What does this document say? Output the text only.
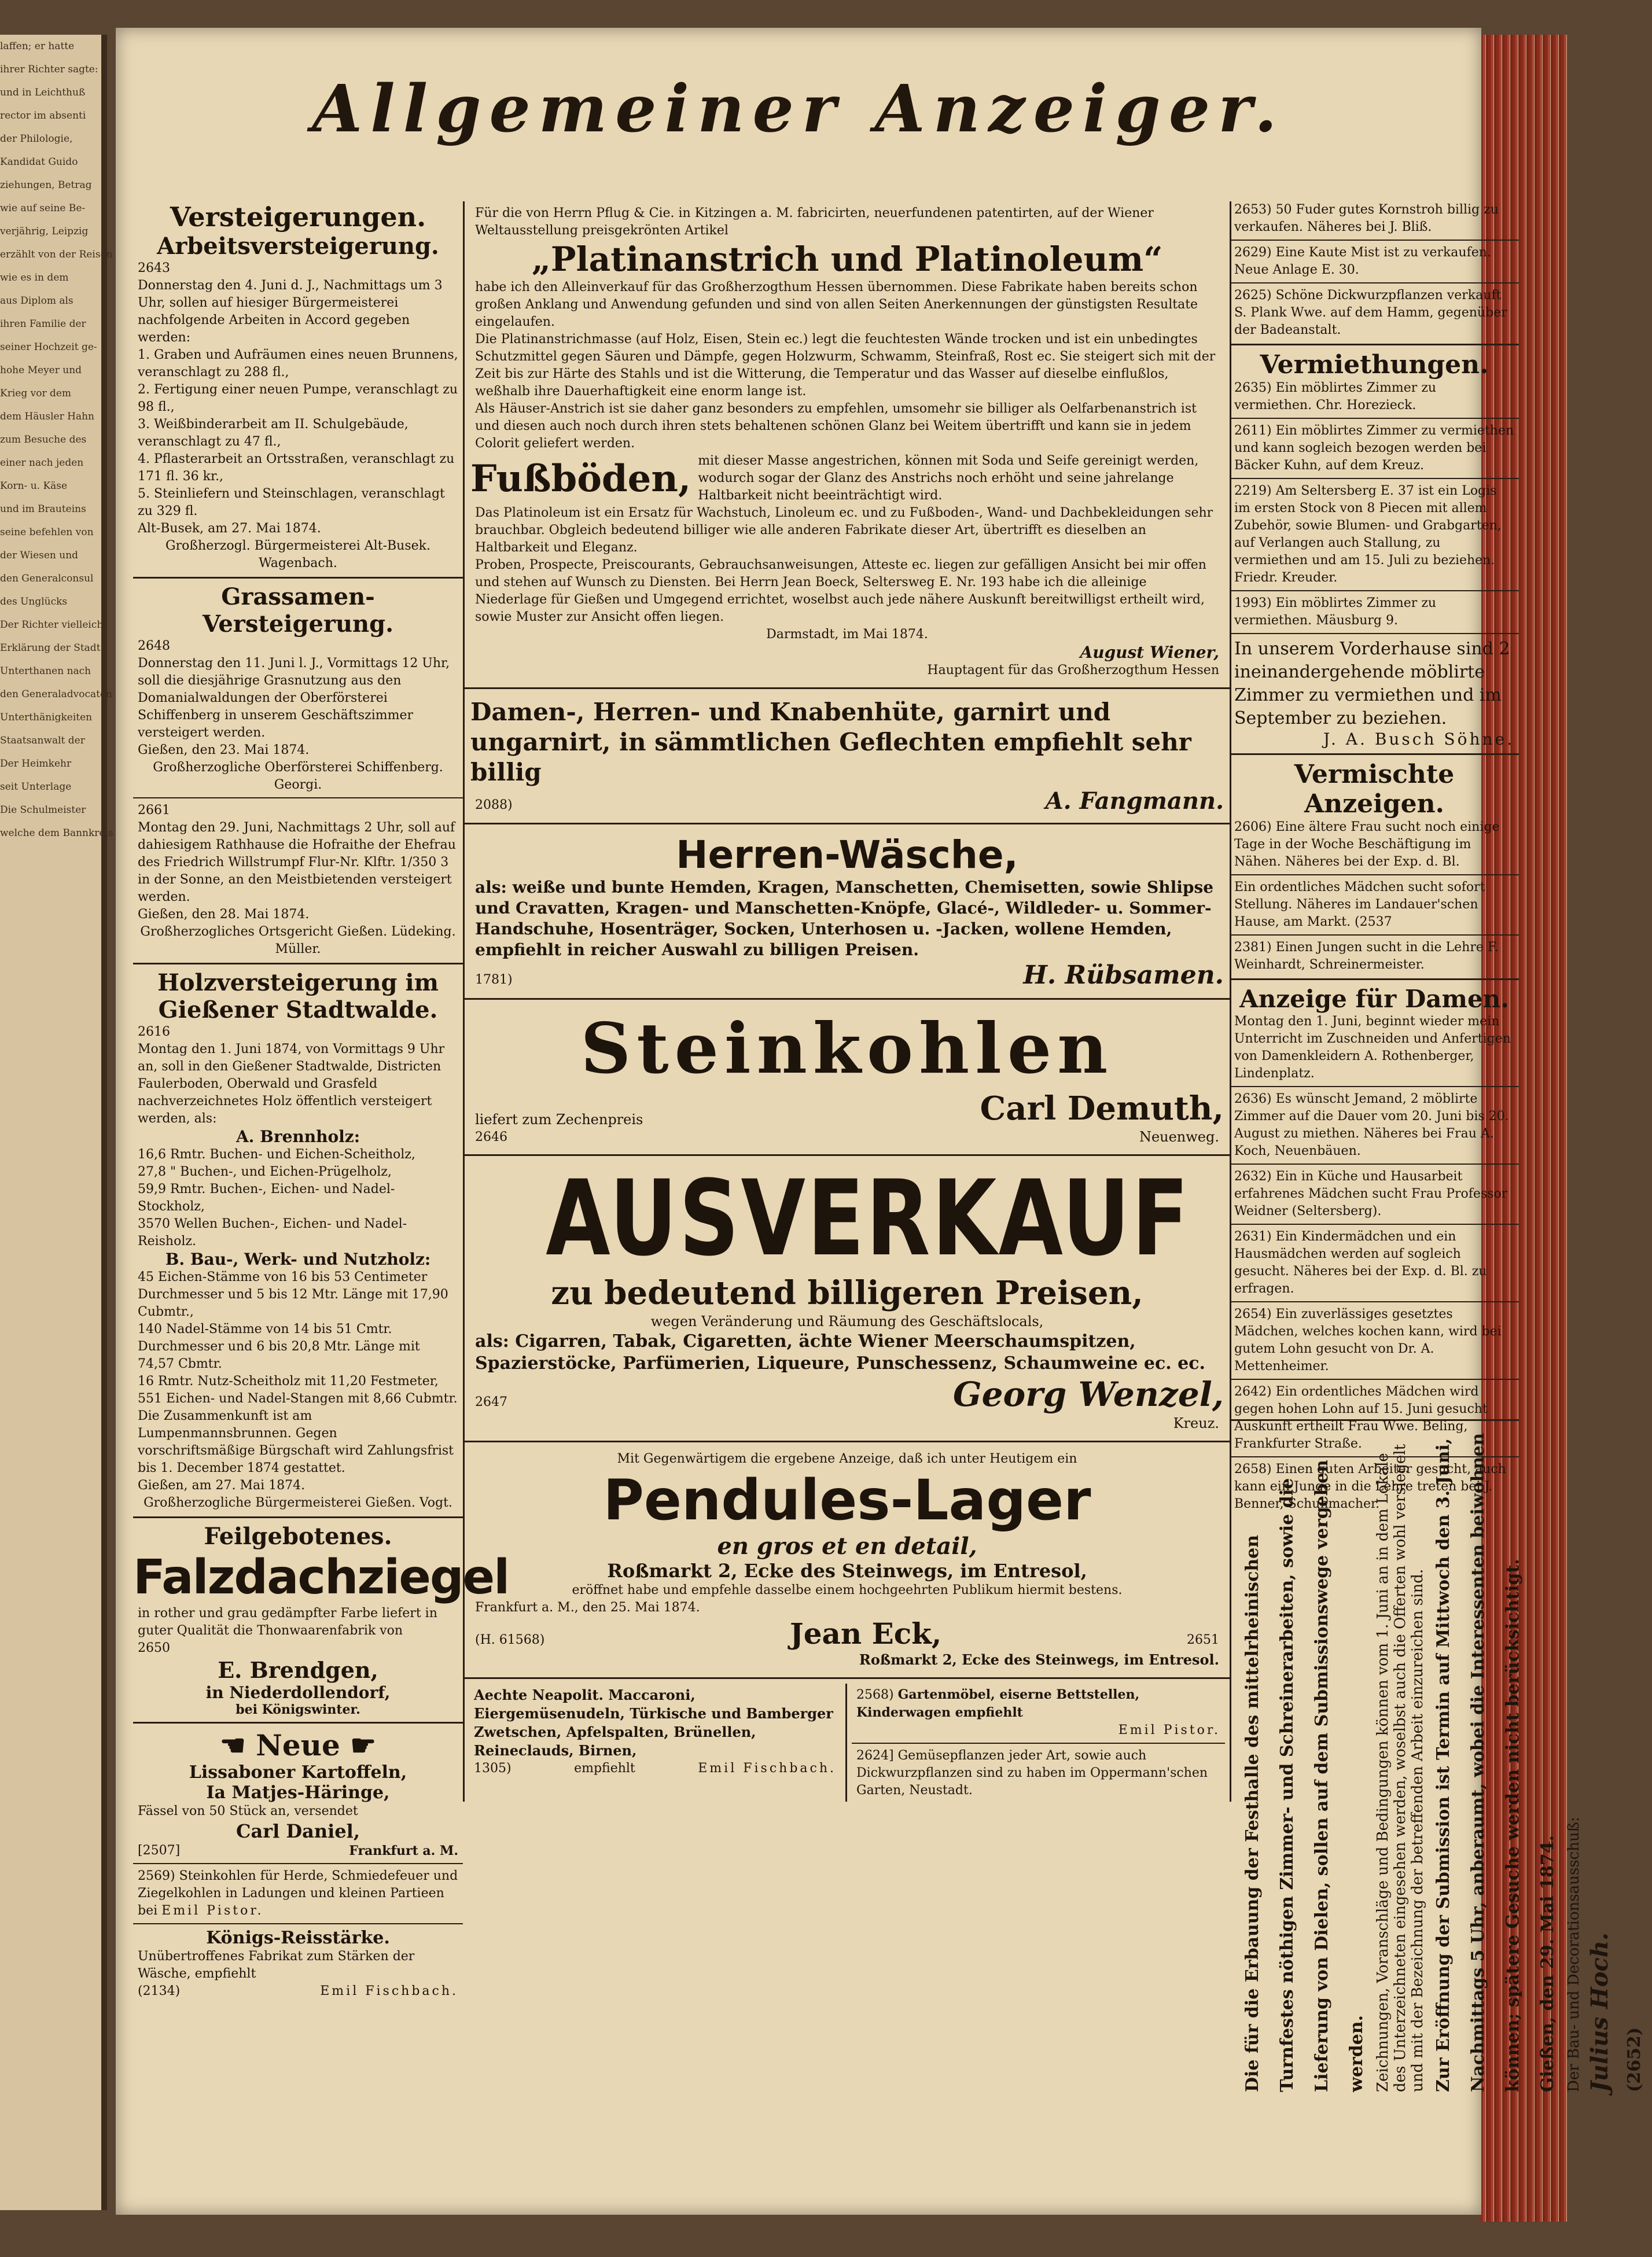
laffen; er hatte

ihrer Richter sagte:

und in Leichthuß

rector im absenti

der Philologie,

Kandidat Guido

ziehungen, Betrag

wie auf seine Be-

verjährig, Leipzig

erzählt von der Reisen

wie es in dem

aus Diplom als

ihren Familie der

seiner Hochzeit ge-

hohe Meyer und

Krieg vor dem

dem Häusler Hahn

zum Besuche des

einer nach jeden

Korn- u. Käse

und im Brauteins

seine befehlen von

der Wiesen und

den Generalconsul

des Unglücks

Der Richter vielleicht

Erklärung der Stadt

Unterthanen nach

den Generaladvocaten

Unterthänigkeiten

Staatsanwalt der

Der Heimkehr

seit Unterlage

Die Schulmeister

welche dem Bannkreis

Allgemeiner Anzeiger.
Versteigerungen.
Arbeitsversteigerung.
2643

Donnerstag den 4. Juni d. J., Nachmittags um 3 Uhr, sollen auf hiesiger Bürgermeisterei nachfolgende Arbeiten in Accord gegeben werden:

1. Graben und Aufräumen eines neuen Brunnens, veranschlagt zu 288 fl.,

2. Fertigung einer neuen Pumpe, veranschlagt zu 98 fl.,

3. Weißbinderarbeit am II. Schulgebäude, veranschlagt zu 47 fl.,

4. Pflasterarbeit an Ortsstraßen, veranschlagt zu 171 fl. 36 kr.,

5. Steinliefern und Steinschlagen, veranschlagt zu 329 fl.

Alt-Busek, am 27. Mai 1874.

Großherzogl. Bürgermeisterei Alt-Busek. Wagenbach.

Grassamen-Versteigerung.
2648

Donnerstag den 11. Juni l. J., Vormittags 12 Uhr, soll die diesjährige Grasnutzung aus den Domanialwaldungen der Oberförsterei Schiffenberg in unserem Geschäftszimmer versteigert werden.

Gießen, den 23. Mai 1874.

Großherzogliche Oberförsterei Schiffenberg. Georgi.

2661

Montag den 29. Juni, Nachmittags 2 Uhr, soll auf dahiesigem Rathhause die Hofraithe der Ehefrau des Friedrich Willstrumpf Flur-Nr. Klftr. 1/350 3 in der Sonne, an den Meistbietenden versteigert werden.

Gießen, den 28. Mai 1874.

Großherzogliches Ortsgericht Gießen. Lüdeking. Müller.

Holzversteigerung im Gießener Stadtwalde.
2616

Montag den 1. Juni 1874, von Vormittags 9 Uhr an, soll in den Gießener Stadtwalde, Districten Faulerboden, Oberwald und Grasfeld nachverzeichnetes Holz öffentlich versteigert werden, als:

A. Brennholz:

16,6 Rmtr. Buchen- und Eichen-Scheitholz,

27,8 " Buchen-, und Eichen-Prügelholz,

59,9 Rmtr. Buchen-, Eichen- und Nadel-Stockholz,

3570 Wellen Buchen-, Eichen- und Nadel-Reisholz.

B. Bau-, Werk- und Nutzholz:

45 Eichen-Stämme von 16 bis 53 Centimeter Durchmesser und 5 bis 12 Mtr. Länge mit 17,90 Cubmtr.,

140 Nadel-Stämme von 14 bis 51 Cmtr. Durchmesser und 6 bis 20,8 Mtr. Länge mit 74,57 Cbmtr.

16 Rmtr. Nutz-Scheitholz mit 11,20 Festmeter,

551 Eichen- und Nadel-Stangen mit 8,66 Cubmtr.

Die Zusammenkunft ist am Lumpenmannsbrunnen. Gegen vorschriftsmäßige Bürgschaft wird Zahlungsfrist bis 1. December 1874 gestattet.

Gießen, am 27. Mai 1874.

Großherzogliche Bürgermeisterei Gießen. Vogt.

Feilgebotenes.
Falzdachziegel

in rother und grau gedämpfter Farbe liefert in guter Qualität die Thonwaarenfabrik von

2650
E. Brendgen,
in Niederdollendorf,
bei Königswinter.
☚ Neue ☛
Lissaboner Kartoffeln,
Ia Matjes-Häringe,

Fässel von 50 Stück an, versendet

Carl Daniel,
[2507]	Frankfurt a. M.

2569) Steinkohlen für Herde, Schmiedefeuer und Ziegelkohlen in Ladungen und kleinen Partieen bei Emil Pistor.

Königs-Reisstärke.

Unübertroffenes Fabrikat zum Stärken der Wäsche, empfiehlt

(2134)	Emil Fischbach.

Für die von Herrn Pflug & Cie. in Kitzingen a. M. fabricirten, neuerfundenen patentirten, auf der Wiener Weltausstellung preisgekrönten Artikel

„Platinanstrich und Platinoleum“

habe ich den Alleinverkauf für das Großherzogthum Hessen übernommen. Diese Fabrikate haben bereits schon großen Anklang und Anwendung gefunden und sind von allen Seiten Anerkennungen der günstigsten Resultate eingelaufen.

Die Platinanstrichmasse (auf Holz, Eisen, Stein ec.) legt die feuchtesten Wände trocken und ist ein unbedingtes Schutzmittel gegen Säuren und Dämpfe, gegen Holzwurm, Schwamm, Steinfraß, Rost ec. Sie steigert sich mit der Zeit bis zur Härte des Stahls und ist die Witterung, die Temperatur und das Wasser auf dieselbe einflußlos, weßhalb ihre Dauerhaftigkeit eine enorm lange ist.

Als Häuser-Anstrich ist sie daher ganz besonders zu empfehlen, umsomehr sie billiger als Oelfarbenanstrich ist und diesen auch noch durch ihren stets behaltenen schönen Glanz bei Weitem übertrifft und kann sie in jedem Colorit geliefert werden.

Fußböden, mit dieser Masse angestrichen, können mit Soda und Seife gereinigt werden, wodurch sogar der Glanz des Anstrichs noch erhöht und seine jahrelange Haltbarkeit nicht beeinträchtigt wird.

Das Platinoleum ist ein Ersatz für Wachstuch, Linoleum ec. und zu Fußboden-, Wand- und Dachbekleidungen sehr brauchbar. Obgleich bedeutend billiger wie alle anderen Fabrikate dieser Art, übertrifft es dieselben an Haltbarkeit und Eleganz.

Proben, Prospecte, Preiscourants, Gebrauchsanweisungen, Atteste ec. liegen zur gefälligen Ansicht bei mir offen und stehen auf Wunsch zu Diensten. Bei Herrn Jean Boeck, Seltersweg E. Nr. 193 habe ich die alleinige Niederlage für Gießen und Umgegend errichtet, woselbst auch jede nähere Auskunft bereitwilligst ertheilt wird, sowie Muster zur Ansicht offen liegen.

Darmstadt, im Mai 1874.

August Wiener,

Hauptagent für das Großherzogthum Hessen

Damen-, Herren- und Knabenhüte, garnirt und ungarnirt, in sämmtlichen Geflechten empfiehlt sehr billig
2088)	A. Fangmann.
Herren-Wäsche,

als: weiße und bunte Hemden, Kragen, Manschetten, Chemisetten, sowie Shlipse und Cravatten, Kragen- und Manschetten-Knöpfe, Glacé-, Wildleder- u. Sommer-Handschuhe, Hosenträger, Socken, Unterhosen u. -Jacken, wollene Hemden, empfiehlt in reicher Auswahl zu billigen Preisen.

1781)	H. Rübsamen.
Steinkohlen
liefert zum Zechenpreis
2646
Carl Demuth,
Neuenweg.
AUSVERKAUF
zu bedeutend billigeren Preisen,
wegen Veränderung und Räumung des Geschäftslocals,

als: Cigarren, Tabak, Cigaretten, ächte Wiener Meerschaumspitzen, Spazierstöcke, Parfümerien, Liqueure, Punschessenz, Schaumweine ec. ec.

2647	Georg Wenzel,
Kreuz.
Mit Gegenwärtigem die ergebene Anzeige, daß ich unter Heutigem ein
Pendules-Lager
en gros et en detail,
Roßmarkt 2, Ecke des Steinwegs, im Entresol,
eröffnet habe und empfehle dasselbe einem hochgeehrten Publikum hiermit bestens.
Frankfurt a. M., den 25. Mai 1874.
(H. 61568)	Jean Eck,	2651
Roßmarkt 2, Ecke des Steinwegs, im Entresol.

Aechte Neapolit. Maccaroni, Eiergemüsenudeln, Türkische und Bamberger Zwetschen, Apfelspalten, Brünellen, Reineclauds, Birnen,

1305)	empfiehlt	Emil Fischbach.

2568) Gartenmöbel, eiserne Bettstellen, Kinderwagen empfiehlt

Emil Pistor.

2624] Gemüsepflanzen jeder Art, sowie auch Dickwurzpflanzen sind zu haben im Oppermann'schen Garten, Neustadt.

2653) 50 Fuder gutes Kornstroh billig zu verkaufen. Näheres bei J. Bliß.

2629) Eine Kaute Mist ist zu verkaufen. Neue Anlage E. 30.

2625) Schöne Dickwurzpflanzen verkauft S. Plank Wwe. auf dem Hamm, gegenüber der Badeanstalt.

Vermiethungen.

2635) Ein möblirtes Zimmer zu vermiethen. Chr. Horezieck.

2611) Ein möblirtes Zimmer zu vermiethen und kann sogleich bezogen werden bei Bäcker Kuhn, auf dem Kreuz.

2219) Am Seltersberg E. 37 ist ein Logis im ersten Stock von 8 Piecen mit allem Zubehör, sowie Blumen- und Grabgarten, auf Verlangen auch Stallung, zu vermiethen und am 15. Juli zu beziehen. Friedr. Kreuder.

1993) Ein möblirtes Zimmer zu vermiethen. Mäusburg 9.

In unserem Vorderhause sind 2 ineinandergehende möblirte Zimmer zu vermiethen und im September zu beziehen.

J. A. Busch Söhne.

Vermischte Anzeigen.

2606) Eine ältere Frau sucht noch einige Tage in der Woche Beschäftigung im Nähen. Näheres bei der Exp. d. Bl.

Ein ordentliches Mädchen sucht sofort Stellung. Näheres im Landauer'schen Hause, am Markt. (2537

2381) Einen Jungen sucht in die Lehre F. Weinhardt, Schreinermeister.

Anzeige für Damen.

Montag den 1. Juni, beginnt wieder mein Unterricht im Zuschneiden und Anfertigen von Damenkleidern A. Rothenberger, Lindenplatz.

2636) Es wünscht Jemand, 2 möblirte Zimmer auf die Dauer vom 20. Juni bis 20. August zu miethen. Näheres bei Frau A. Koch, Neuenbäuen.

2632) Ein in Küche und Hausarbeit erfahrenes Mädchen sucht Frau Professor Weidner (Seltersberg).

2631) Ein Kindermädchen und ein Hausmädchen werden auf sogleich gesucht. Näheres bei der Exp. d. Bl. zu erfragen.

2654) Ein zuverlässiges gesetztes Mädchen, welches kochen kann, wird bei gutem Lohn gesucht von Dr. A. Mettenheimer.

2642) Ein ordentliches Mädchen wird gegen hohen Lohn auf 15. Juni gesucht Auskunft ertheilt Frau Wwe. Beling, Frankfurter Straße.

2658) Einen guten Arbeiter gesucht, auch kann ein Junge in die Lehre treten bei J. Benner, Schuhmacher.

Die für die Erbauung der Festhalle des mittelrheinischen Turnfestes nöthigen Zimmer- und Schreinerarbeiten, sowie die Lieferung von Dielen, sollen auf dem Submissionswege vergeben werden. Zeichnungen, Voranschläge und Bedingungen können vom 1. Juni an in dem Lokale des Unterzeichneten eingesehen werden, woselbst auch die Offerten wohl versiegelt und mit der Bezeichnung der betreffenden Arbeit einzureichen sind. Zur Eröffnung der Submission ist Termin auf Mittwoch den 3. Juni, Nachmittags 5 Uhr, anberaumt, wobei die Interessenten beiwohnen können; spätere Gesuche werden nicht berücksichtigt. Gießen, den 29. Mai 1874. Der Bau- und Decorationsausschuß: Julius Hoch. (2652)
